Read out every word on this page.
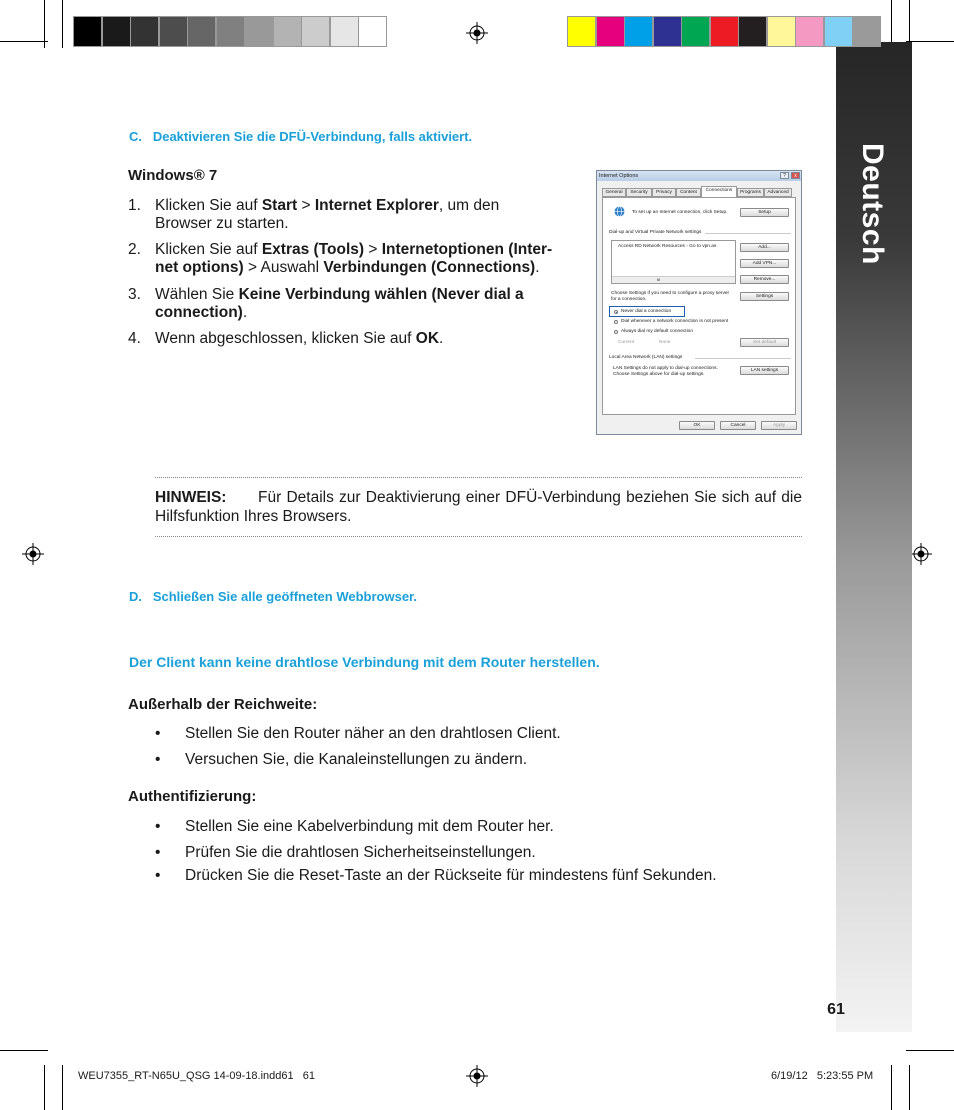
Deutsch
61
C.   Deaktivieren Sie die DFÜ-Verbindung, falls aktiviert.
Windows® 7
1. Klicken Sie auf Start > Internet Explorer, um den Browser zu starten.
2. Klicken Sie auf Extras (Tools) > Internetoptionen (Inter- net options) > Auswahl Verbindungen (Connections).
3. Wählen Sie Keine Verbindung wählen (Never dial a connection).
4. Wenn abgeschlossen, klicken Sie auf OK.
Internet Options	?	x
General	Security	Privacy	Content	Connections	Programs	Advanced
To set up an Internet connection, click Setup.	Setup
Dial-up and Virtual Private Network settings
Access RD Network Resources - Go to vpn.as
III
Add...
Add VPN...
Remove...
Choose Settings if you need to configure a proxy server for a connection.	Settings
Never dial a connection
Dial whenever a network connection is not present
Always dial my default connection
Current	None	Set default
Local Area Network (LAN) settings
LAN Settings do not apply to dial-up connections. Choose Settings above for dial-up settings.
LAN settings
OK	Cancel	Apply
HINWEIS: Für Details zur Deaktivierung einer DFÜ-Verbindung beziehen Sie sich auf die Hilfsfunktion Ihres Browsers.
D.   Schließen Sie alle geöffneten Webbrowser.
Der Client kann keine drahtlose Verbindung mit dem Router herstellen.
Außerhalb der Reichweite:
• Stellen Sie den Router näher an den drahtlosen Client.
• Versuchen Sie, die Kanaleinstellungen zu ändern.
Authentifizierung:
• Stellen Sie eine Kabelverbindung mit dem Router her.
• Prüfen Sie die drahtlosen Sicherheitseinstellungen.
• Drücken Sie die Reset-Taste an der Rückseite für mindestens fünf Sekunden.
WEU7355_RT-N65U_QSG 14-09-18.indd61   61	6/19/12   5:23:55 PM
